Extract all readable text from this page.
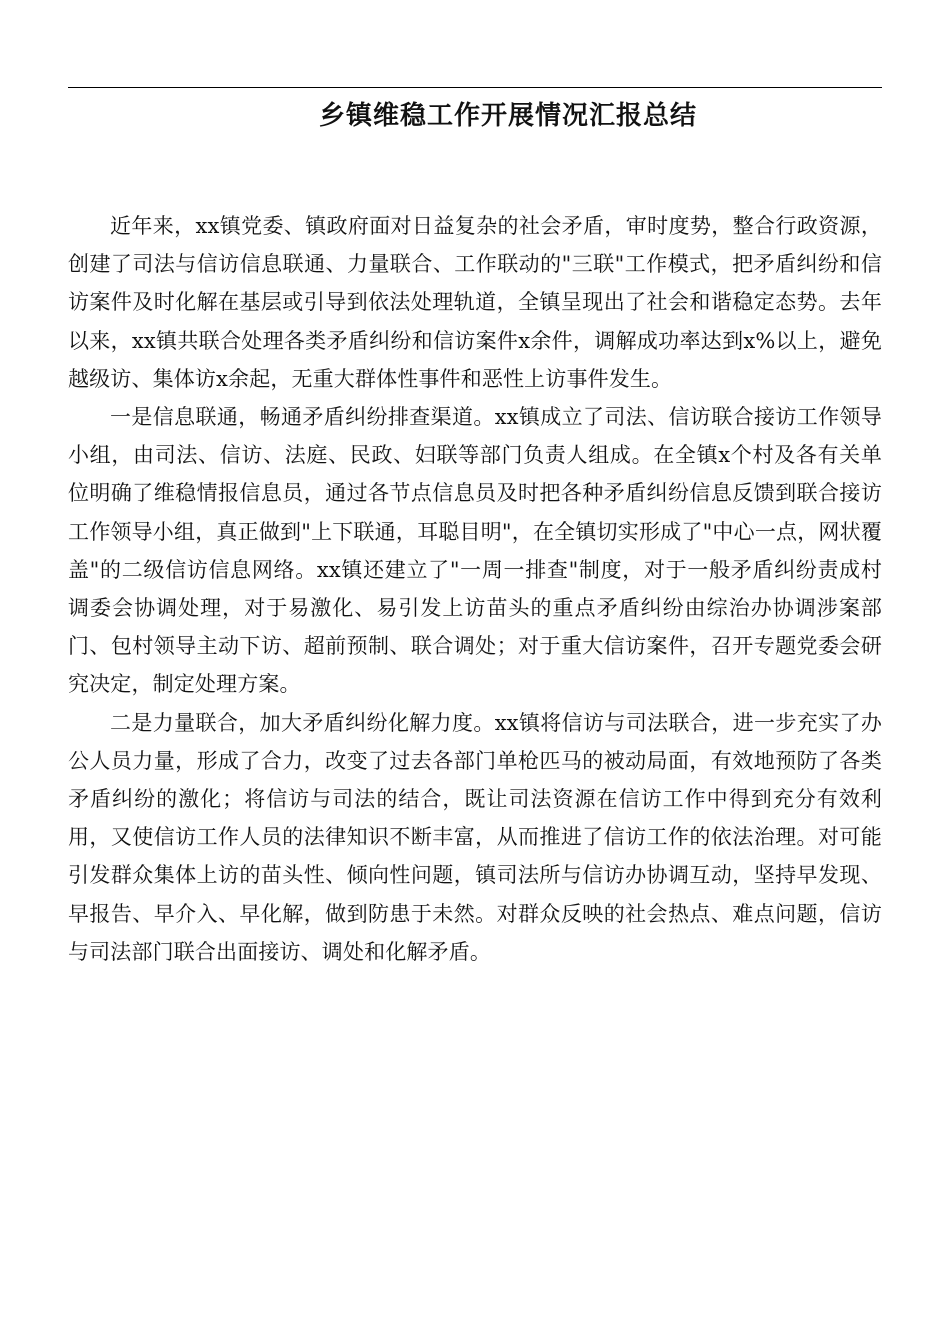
乡镇维稳工作开展情况汇报总结

近年来，xx镇党委、镇政府面对日益复杂的社会矛盾，审时度势，整合行政资源，创建了司法与信访信息联通、力量联合、工作联动的"三联"工作模式，把矛盾纠纷和信访案件及时化解在基层或引导到依法处理轨道，全镇呈现出了社会和谐稳定态势。去年以来，xx镇共联合处理各类矛盾纠纷和信访案件x余件，调解成功率达到x%以上，避免越级访、集体访x余起，无重大群体性事件和恶性上访事件发生。

一是信息联通，畅通矛盾纠纷排查渠道。xx镇成立了司法、信访联合接访工作领导小组，由司法、信访、法庭、民政、妇联等部门负责人组成。在全镇x个村及各有关单位明确了维稳情报信息员，通过各节点信息员及时把各种矛盾纠纷信息反馈到联合接访工作领导小组，真正做到"上下联通，耳聪目明"，在全镇切实形成了"中心一点，网状覆盖"的二级信访信息网络。xx镇还建立了"一周一排查"制度，对于一般矛盾纠纷责成村调委会协调处理，对于易激化、易引发上访苗头的重点矛盾纠纷由综治办协调涉案部门、包村领导主动下访、超前预制、联合调处；对于重大信访案件，召开专题党委会研究决定，制定处理方案。

二是力量联合，加大矛盾纠纷化解力度。xx镇将信访与司法联合，进一步充实了办公人员力量，形成了合力，改变了过去各部门单枪匹马的被动局面，有效地预防了各类矛盾纠纷的激化；将信访与司法的结合，既让司法资源在信访工作中得到充分有效利用，又使信访工作人员的法律知识不断丰富，从而推进了信访工作的依法治理。对可能引发群众集体上访的苗头性、倾向性问题，镇司法所与信访办协调互动，坚持早发现、早报告、早介入、早化解，做到防患于未然。对群众反映的社会热点、难点问题，信访与司法部门联合出面接访、调处和化解矛盾。
